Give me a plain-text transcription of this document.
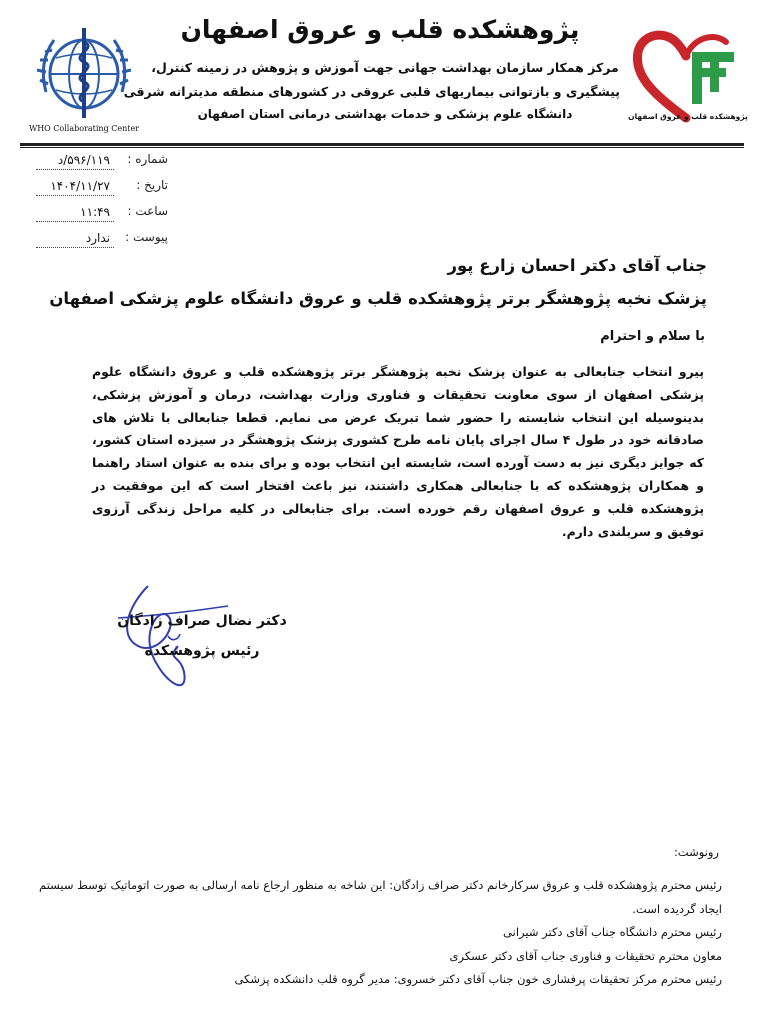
پژوهشکده قلب و عروق اصفهان
WHO Collaborating Center
پژوهشکده قلب و عروق اصفهان
مرکز همکار سازمان بهداشت جهانی جهت آموزش و پژوهش در زمینه کنترل،
پیشگیری و بازتوانی بیماریهای قلبی عروقی در کشورهای منطقه مدیترانه شرقی
دانشگاه علوم پزشکی و خدمات بهداشتی درمانی استان اصفهان
شماره :
۵۹۶/۱۱۹/د
تاریخ :
۱۴۰۴/۱۱/۲۷
ساعت :
۱۱:۴۹
پیوست :
ندارد
جناب آقای دکتر احسان زارع پور
پزشک نخبه پژوهشگر برتر پژوهشکده قلب و عروق دانشگاه علوم پزشکی اصفهان
با سلام و احترام
پیرو انتخاب جنابعالی به عنوان پزشک نخبه پژوهشگر برتر پژوهشکده قلب و عروق دانشگاه علوم پزشکی اصفهان از سوی معاونت تحقیقات و فناوری وزارت بهداشت، درمان و آموزش پزشکی، بدینوسیله این انتخاب شایسته را حضور شما تبریک عرض می نمایم. قطعا جنابعالی با تلاش های صادقانه خود در طول ۴ سال اجرای پایان نامه طرح کشوری پزشک پژوهشگر در سیزده استان کشور، که جوایز دیگری نیز به دست آورده است، شایسته این انتخاب بوده و برای بنده به عنوان استاد راهنما و همکاران پژوهشکده که با جنابعالی همکاری داشتند، نیز باعث افتخار است که این موفقیت در پژوهشکده قلب و عروق اصفهان رقم خورده است. برای جنابعالی در کلیه مراحل زندگی آرزوی توفیق و سربلندی دارم.
دکتر نضال صراف زادگان
رئیس پژوهشکده
رونوشت:
رئیس محترم پژوهشکده قلب و عروق سرکارخانم دکتر صراف زادگان: این شاخه به منظور ارجاع نامه ارسالی به صورت اتوماتیک توسط سیستم ایجاد گردیده است.
رئیس محترم دانشگاه جناب آقای دکتر شیرانی
معاون محترم تحقیقات و فناوری جناب آقای دکتر عسکری
رئیس محترم مرکز تحقیقات پرفشاری خون جناب آقای دکتر خسروی: مدیر گروه قلب دانشکده پزشکی
